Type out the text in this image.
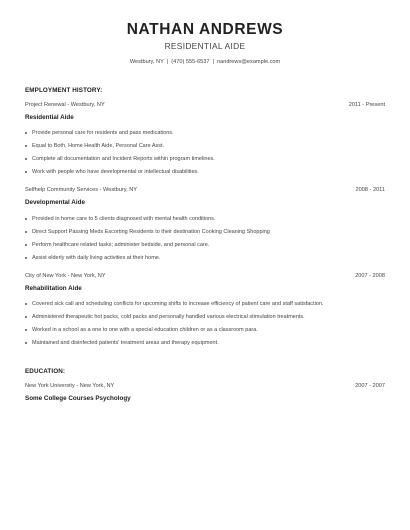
NATHAN ANDREWS
RESIDENTIAL AIDE
Westbury, NY | (470) 555-6537 | nandrews@example.com
EMPLOYMENT HISTORY:
Project Renewal - Westbury, NY	2011 - Present
Residential Aide
Provide personal care for residents and pass medications.
Equal to Both, Home Health Aide, Personal Care Asst.
Complete all documentation and Incident Reports within program timelines.
Work with people who have developmental or intellectual disabilities.
Selfhelp Community Services - Westbury, NY	2008 - 2011
Developmental Aide
Provided in home care to 5 clients diagnosed with mental health conditions.
Direct Support Passing Meds Escorting Residents to their destination Cooking Cleaning Shopping
Perform healthcare related tasks; administer bedside, and personal care.
Assist elderly with daily living activities at their home.
City of New York - New York, NY	2007 - 2008
Rehabilitation Aide
Covered sick call and scheduling conflicts for upcoming shifts to increase efficiency of patient care and staff satisfaction.
Administered therapeutic hot packs, cold packs and personally handled various electrical stimulation treatments.
Worked in a school as a one to one with a special education children or as a classroom para.
Maintained and disinfected patients' treatment areas and therapy equipment.
EDUCATION:
New York University - New York, NY	2007 - 2007
Some College Courses Psychology
